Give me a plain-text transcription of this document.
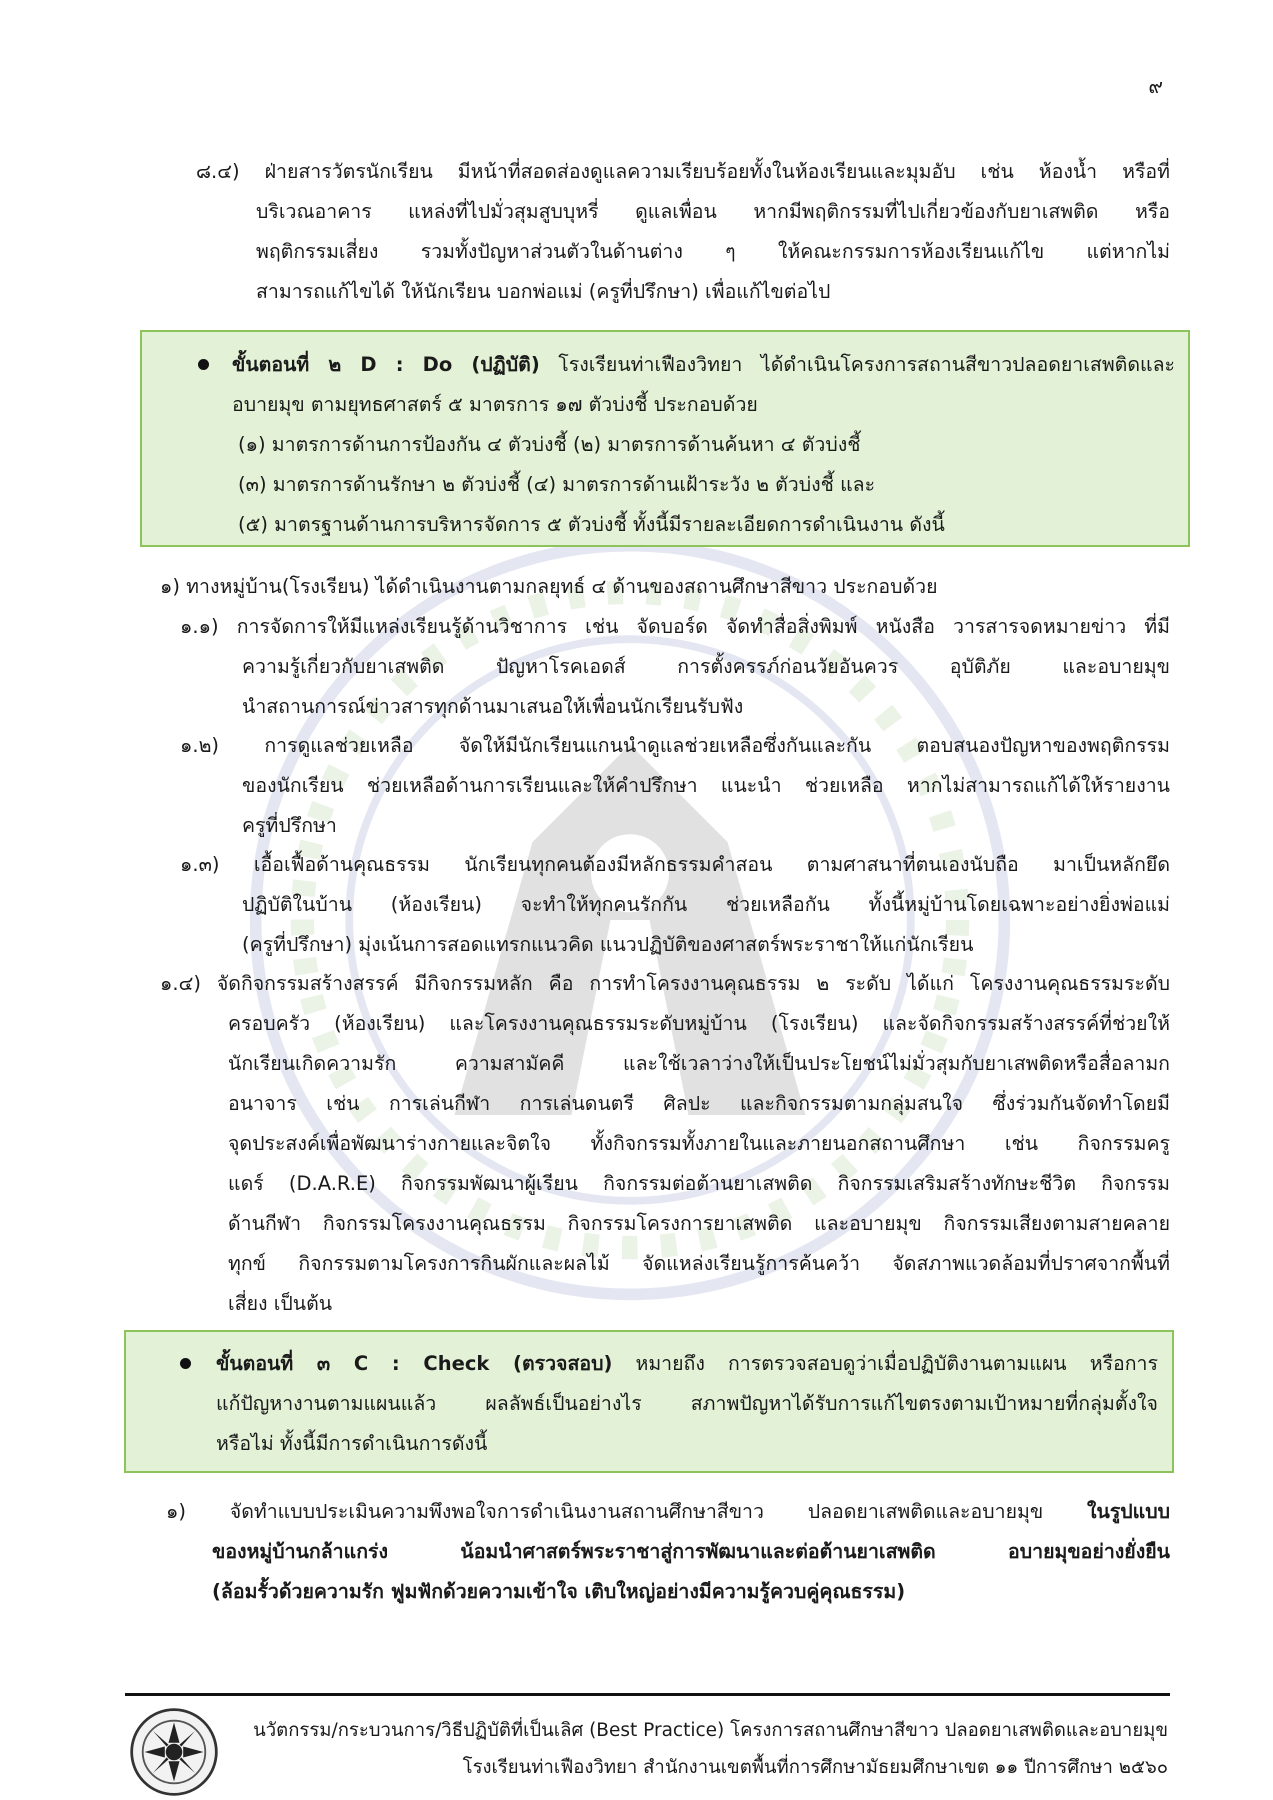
๙
๘.๔) ฝ่ายสารวัตรนักเรียน มีหน้าที่สอดส่องดูแลความเรียบร้อยทั้งในห้องเรียนและมุมอับ เช่น ห้องน้ำ หรือที่
บริเวณอาคาร แหล่งที่ไปมั่วสุมสูบบุหรี่ ดูแลเพื่อน หากมีพฤติกรรมที่ไปเกี่ยวข้องกับยาเสพติด หรือ
พฤติกรรมเสี่ยง รวมทั้งปัญหาส่วนตัวในด้านต่าง ๆ ให้คณะกรรมการห้องเรียนแก้ไข แต่หากไม่
สามารถแก้ไขได้ ให้นักเรียน บอกพ่อแม่ (ครูที่ปรึกษา) เพื่อแก้ไขต่อไป
ขั้นตอนที่ ๒ D : Do (ปฏิบัติ) โรงเรียนท่าเฟืองวิทยา ได้ดำเนินโครงการสถานสีขาวปลอดยาเสพติดและ
อบายมุข ตามยุทธศาสตร์ ๕ มาตรการ ๑๗ ตัวบ่งชี้ ประกอบด้วย
(๑) มาตรการด้านการป้องกัน ๔ ตัวบ่งชี้ (๒) มาตรการด้านค้นหา ๔ ตัวบ่งชี้
(๓) มาตรการด้านรักษา ๒ ตัวบ่งชี้ (๔) มาตรการด้านเฝ้าระวัง ๒ ตัวบ่งชี้ และ
(๕) มาตรฐานด้านการบริหารจัดการ ๕ ตัวบ่งชี้ ทั้งนี้มีรายละเอียดการดำเนินงาน ดังนี้
๑) ทางหมู่บ้าน(โรงเรียน) ได้ดำเนินงานตามกลยุทธ์ ๔ ด้านของสถานศึกษาสีขาว ประกอบด้วย
๑.๑) การจัดการให้มีแหล่งเรียนรู้ด้านวิชาการ เช่น จัดบอร์ด จัดทำสื่อสิ่งพิมพ์ หนังสือ วารสารจดหมายข่าว ที่มี
ความรู้เกี่ยวกับยาเสพติด ปัญหาโรคเอดส์ การตั้งครรภ์ก่อนวัยอันควร อุบัติภัย และอบายมุข
นำสถานการณ์ข่าวสารทุกด้านมาเสนอให้เพื่อนนักเรียนรับฟัง
๑.๒) การดูแลช่วยเหลือ จัดให้มีนักเรียนแกนนำดูแลช่วยเหลือซึ่งกันและกัน ตอบสนองปัญหาของพฤติกรรม
ของนักเรียน ช่วยเหลือด้านการเรียนและให้คำปรึกษา แนะนำ ช่วยเหลือ หากไม่สามารถแก้ได้ให้รายงาน
ครูที่ปรึกษา
๑.๓) เอื้อเฟื้อด้านคุณธรรม นักเรียนทุกคนต้องมีหลักธรรมคำสอน ตามศาสนาที่ตนเองนับถือ มาเป็นหลักยึด
ปฏิบัติในบ้าน (ห้องเรียน) จะทำให้ทุกคนรักกัน ช่วยเหลือกัน ทั้งนี้หมู่บ้านโดยเฉพาะอย่างยิ่งพ่อแม่
(ครูที่ปรึกษา) มุ่งเน้นการสอดแทรกแนวคิด แนวปฏิบัติของศาสตร์พระราชาให้แก่นักเรียน
๑.๔) จัดกิจกรรมสร้างสรรค์ มีกิจกรรมหลัก คือ การทำโครงงานคุณธรรม ๒ ระดับ ได้แก่ โครงงานคุณธรรมระดับ
ครอบครัว (ห้องเรียน) และโครงงานคุณธรรมระดับหมู่บ้าน (โรงเรียน) และจัดกิจกรรมสร้างสรรค์ที่ช่วยให้
นักเรียนเกิดความรัก ความสามัคคี และใช้เวลาว่างให้เป็นประโยชน์ไม่มั่วสุมกับยาเสพติดหรือสื่อลามก
อนาจาร เช่น การเล่นกีฬา การเล่นดนตรี ศิลปะ และกิจกรรมตามกลุ่มสนใจ ซึ่งร่วมกันจัดทำโดยมี
จุดประสงค์เพื่อพัฒนาร่างกายและจิตใจ ทั้งกิจกรรมทั้งภายในและภายนอกสถานศึกษา เช่น กิจกรรมครู
แดร์ (D.A.R.E) กิจกรรมพัฒนาผู้เรียน กิจกรรมต่อต้านยาเสพติด กิจกรรมเสริมสร้างทักษะชีวิต กิจกรรม
ด้านกีฬา กิจกรรมโครงงานคุณธรรม กิจกรรมโครงการยาเสพติด และอบายมุข กิจกรรมเสียงตามสายคลาย
ทุกข์ กิจกรรมตามโครงการกินผักและผลไม้ จัดแหล่งเรียนรู้การค้นคว้า จัดสภาพแวดล้อมที่ปราศจากพื้นที่
เสี่ยง เป็นต้น
ขั้นตอนที่ ๓ C : Check (ตรวจสอบ) หมายถึง การตรวจสอบดูว่าเมื่อปฏิบัติงานตามแผน หรือการ
แก้ปัญหางานตามแผนแล้ว ผลลัพธ์เป็นอย่างไร สภาพปัญหาได้รับการแก้ไขตรงตามเป้าหมายที่กลุ่มตั้งใจ
หรือไม่ ทั้งนี้มีการดำเนินการดังนี้
๑) จัดทำแบบประเมินความพึงพอใจการดำเนินงานสถานศึกษาสีขาว ปลอดยาเสพติดและอบายมุข ในรูปแบบ
ของหมู่บ้านกล้าแกร่ง น้อมนำศาสตร์พระราชาสู่การพัฒนาและต่อต้านยาเสพติด อบายมุขอย่างยั่งยืน
(ล้อมรั้วด้วยความรัก ฟูมฟักด้วยความเข้าใจ เติบใหญ่อย่างมีความรู้ควบคู่คุณธรรม)
นวัตกรรม/กระบวนการ/วิธีปฏิบัติที่เป็นเลิศ (Best Practice) โครงการสถานศึกษาสีขาว ปลอดยาเสพติดและอบายมุข
โรงเรียนท่าเฟืองวิทยา สำนักงานเขตพื้นที่การศึกษามัธยมศึกษาเขต ๑๑ ปีการศึกษา ๒๕๖๐
